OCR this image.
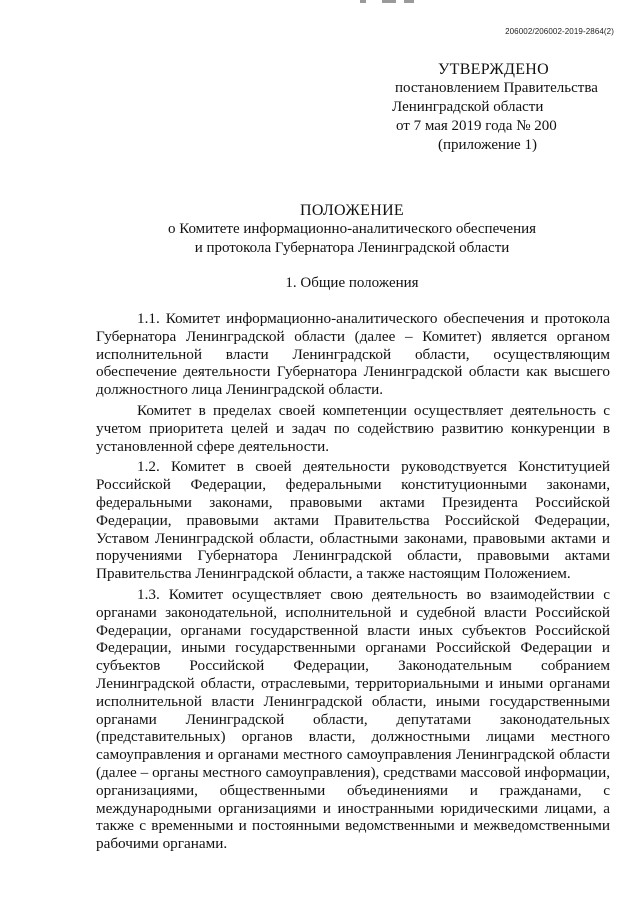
206002/206002-2019-2864(2)
УТВЕРЖДЕНО
постановлением Правительства
Ленинградской области
от 7 мая 2019 года № 200
(приложение 1)
ПОЛОЖЕНИЕ
о Комитете информационно-аналитического обеспечения
и протокола Губернатора Ленинградской области
1. Общие положения

1.1. Комитет информационно-аналитического обеспечения и протокола Губернатора Ленинградской области (далее – Комитет) является органом исполнительной власти Ленинградской области, осуществляющим обеспечение деятельности Губернатора Ленинградской области как высшего должностного лица Ленинградской области.

Комитет в пределах своей компетенции осуществляет деятельность с учетом приоритета целей и задач по содействию развитию конкуренции в установленной сфере деятельности.

1.2. Комитет в своей деятельности руководствуется Конституцией Российской Федерации, федеральными конституционными законами, федеральными законами, правовыми актами Президента Российской Федерации, правовыми актами Правительства Российской Федерации, Уставом Ленинградской области, областными законами, правовыми актами и поручениями Губернатора Ленинградской области, правовыми актами Правительства Ленинградской области, а также настоящим Положением.

1.3. Комитет осуществляет свою деятельность во взаимодействии с органами законодательной, исполнительной и судебной власти Российской Федерации, органами государственной власти иных субъектов Российской Федерации, иными государственными органами Российской Федерации и субъектов Российской Федерации, Законодательным собранием Ленинградской области, отраслевыми, территориальными и иными органами исполнительной власти Ленинградской области, иными государственными органами Ленинградской области, депутатами законодательных (представительных) органов власти, должностными лицами местного самоуправления и органами местного самоуправления Ленинградской области (далее – органы местного самоуправления), средствами массовой информации, организациями, общественными объединениями и гражданами, с международными организациями и иностранными юридическими лицами, а также с временными и постоянными ведомственными и межведомственными рабочими органами.
